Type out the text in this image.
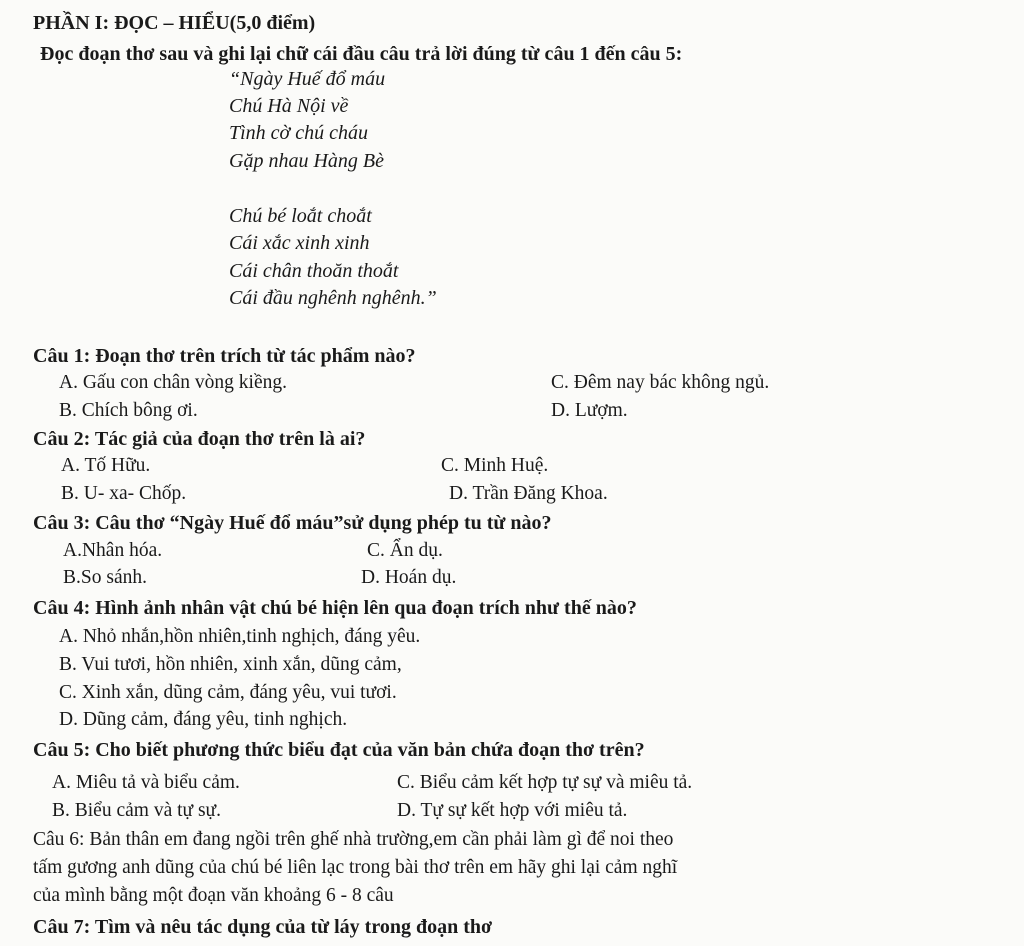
PHẦN I: ĐỌC – HIỂU(5,0 điểm)
Đọc đoạn thơ sau và ghi lại chữ cái đầu câu trả lời đúng từ câu 1 đến câu 5:
“Ngày Huế đổ máu
Chú Hà Nội về
Tình cờ chú cháu
Gặp nhau Hàng Bè
Chú bé loắt choắt
Cái xắc xinh xinh
Cái chân thoăn thoắt
Cái đầu nghênh nghênh.”
Câu 1: Đoạn thơ trên trích từ tác phẩm nào?
A. Gấu con chân vòng kiềng.	C. Đêm nay bác không ngủ.
B. Chích bông ơi.	D. Lượm.
Câu 2: Tác giả của đoạn thơ trên là ai?
A. Tố Hữu.	C. Minh Huệ.
B. U- xa- Chốp.	D. Trần Đăng Khoa.
Câu 3: Câu thơ “Ngày Huế đổ máu”sử dụng phép tu từ nào?
A.Nhân hóa.	C. Ẩn dụ.
B.So sánh.	D. Hoán dụ.
Câu 4: Hình ảnh nhân vật chú bé hiện lên qua đoạn trích như thế nào?
A. Nhỏ nhắn,hồn nhiên,tinh nghịch, đáng yêu.
B. Vui tươi, hồn nhiên, xinh xắn, dũng cảm,
C. Xinh xắn, dũng cảm, đáng yêu, vui tươi.
D. Dũng cảm, đáng yêu, tinh nghịch.
Câu 5: Cho biết phương thức biểu đạt của văn bản chứa đoạn thơ trên?
A. Miêu tả và biểu cảm.	C. Biểu cảm kết hợp tự sự và miêu tả.
B. Biểu cảm và tự sự.	D. Tự sự kết hợp với miêu tả.
Câu 6: Bản thân em đang ngồi trên ghế nhà trường,em cần phải làm gì để noi theo
tấm gương anh dũng của chú bé liên lạc trong bài thơ trên em hãy ghi lại cảm nghĩ
của mình bằng một đoạn văn khoảng 6 - 8 câu
Câu 7: Tìm và nêu tác dụng của từ láy trong đoạn thơ
